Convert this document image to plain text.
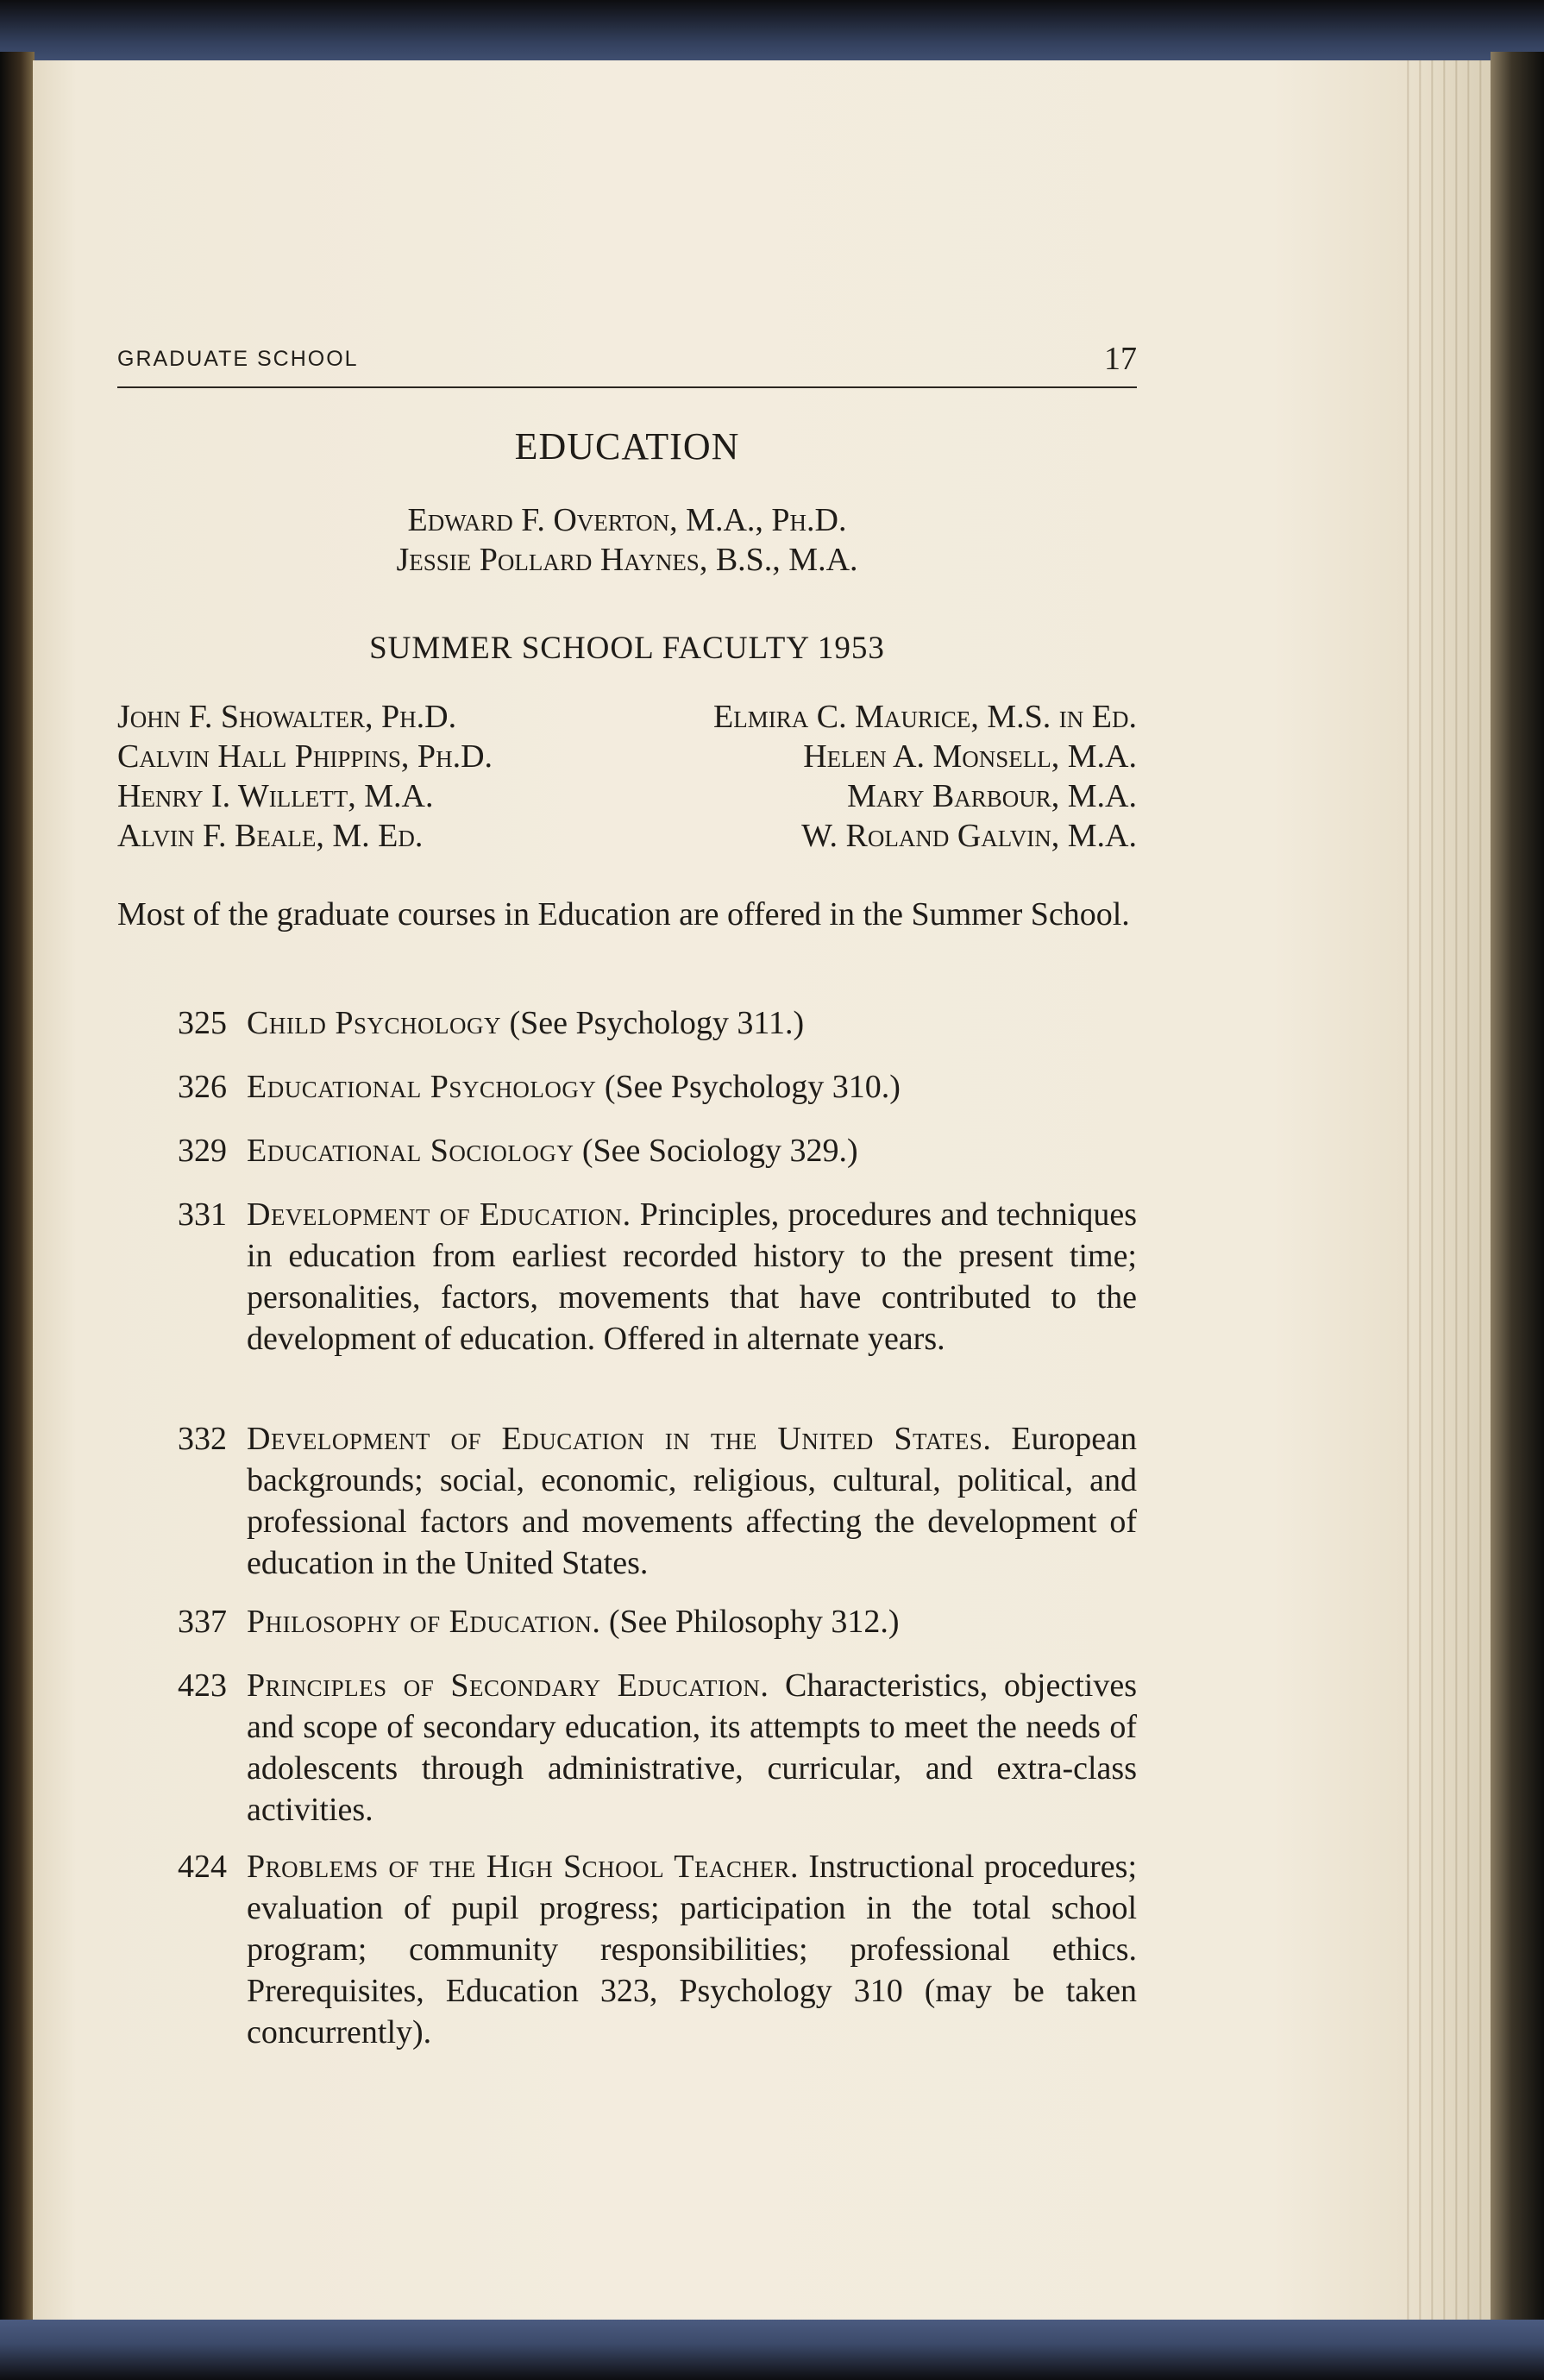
GRADUATE SCHOOL	17
EDUCATION
Edward F. Overton, M.A., Ph.D.
Jessie Pollard Haynes, B.S., M.A.
SUMMER SCHOOL FACULTY 1953
John F. Showalter, Ph.D.
Calvin Hall Phippins, Ph.D.
Henry I. Willett, M.A.
Alvin F. Beale, M. Ed.
Elmira C. Maurice, M.S. in Ed.
Helen A. Monsell, M.A.
Mary Barbour, M.A.
W. Roland Galvin, M.A.
Most of the graduate courses in Education are offered in the Summer School.
325 Child Psychology (See Psychology 311.)
326 Educational Psychology (See Psychology 310.)
329 Educational Sociology (See Sociology 329.)
331 Development of Education. Principles, procedures and techniques in education from earliest recorded history to the present time; personalities, factors, movements that have contributed to the development of education. Offered in alternate years.
332 Development of Education in the United States. European backgrounds; social, economic, religious, cultural, political, and professional factors and movements affecting the development of education in the United States.
337 Philosophy of Education. (See Philosophy 312.)
423 Principles of Secondary Education. Characteristics, objectives and scope of secondary education, its attempts to meet the needs of adolescents through administrative, curricular, and extra-class activities.
424 Problems of the High School Teacher. Instructional procedures; evaluation of pupil progress; participation in the total school program; community responsibilities; professional ethics. Prerequisites, Education 323, Psychology 310 (may be taken concurrently).
